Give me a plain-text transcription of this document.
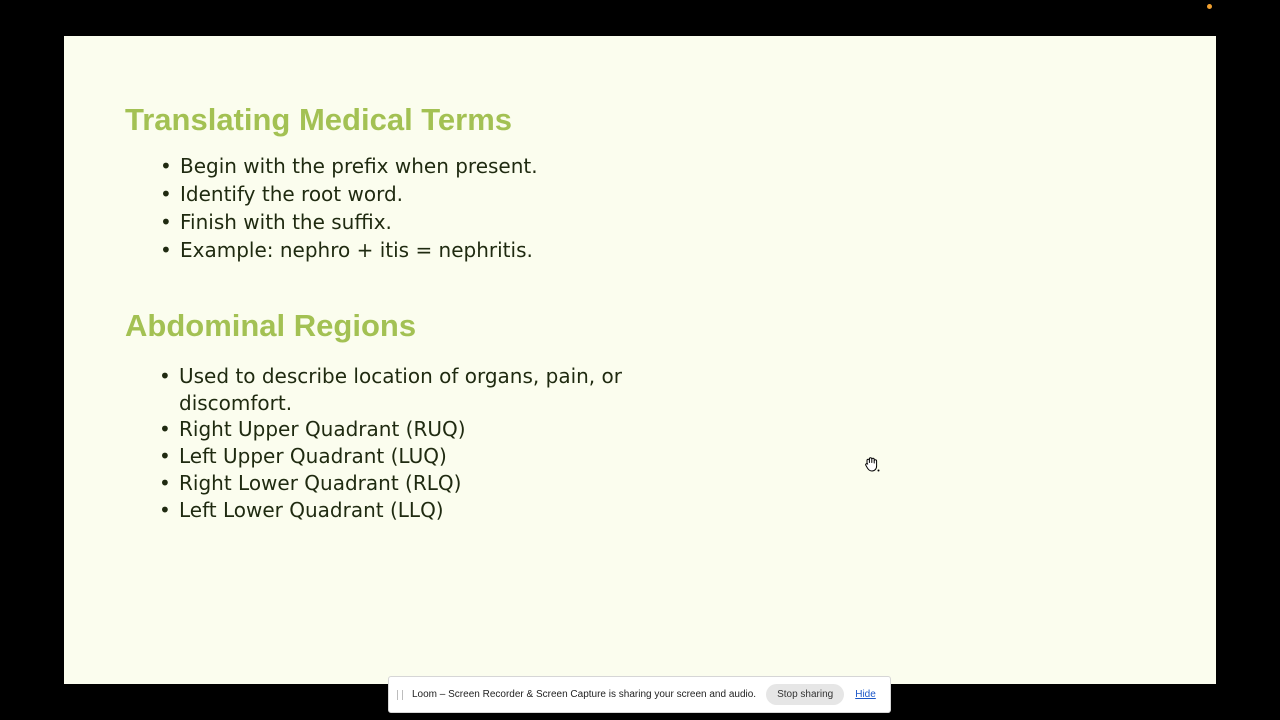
Translating Medical Terms
• Begin with the prefix when present.
• Identify the root word.
• Finish with the suffix.
• Example: nephro + itis = nephritis.
Abdominal Regions
• Used to describe location of organs, pain, or discomfort.
• Right Upper Quadrant (RUQ)
• Left Upper Quadrant (LUQ)
• Right Lower Quadrant (RLQ)
• Left Lower Quadrant (LLQ)
Loom – Screen Recorder & Screen Capture is sharing your screen and audio.	Stop sharing	Hide
